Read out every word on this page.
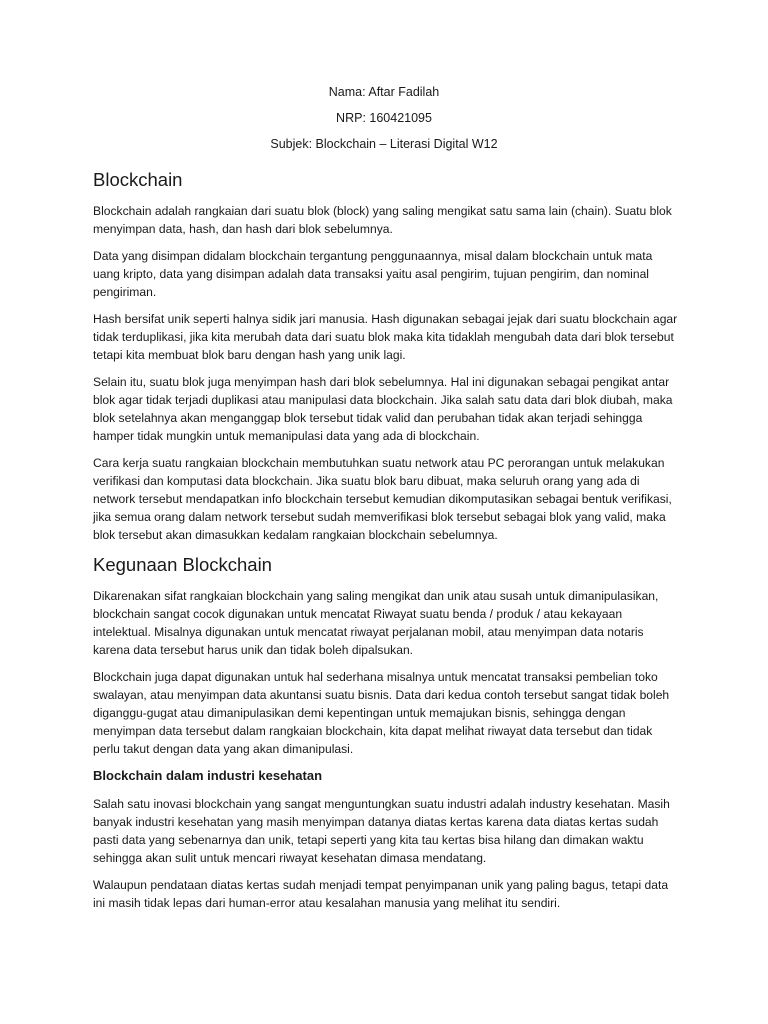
Nama: Aftar Fadilah
NRP: 160421095
Subjek: Blockchain – Literasi Digital W12
Blockchain

Blockchain adalah rangkaian dari suatu blok (block) yang saling mengikat satu sama lain (chain). Suatu blok menyimpan data, hash, dan hash dari blok sebelumnya.

Data yang disimpan didalam blockchain tergantung penggunaannya, misal dalam blockchain untuk mata uang kripto, data yang disimpan adalah data transaksi yaitu asal pengirim, tujuan pengirim, dan nominal pengiriman.

Hash bersifat unik seperti halnya sidik jari manusia. Hash digunakan sebagai jejak dari suatu blockchain agar tidak terduplikasi, jika kita merubah data dari suatu blok maka kita tidaklah mengubah data dari blok tersebut tetapi kita membuat blok baru dengan hash yang unik lagi.

Selain itu, suatu blok juga menyimpan hash dari blok sebelumnya. Hal ini digunakan sebagai pengikat antar blok agar tidak terjadi duplikasi atau manipulasi data blockchain. Jika salah satu data dari blok diubah, maka blok setelahnya akan menganggap blok tersebut tidak valid dan perubahan tidak akan terjadi sehingga hamper tidak mungkin untuk memanipulasi data yang ada di blockchain.

Cara kerja suatu rangkaian blockchain membutuhkan suatu network atau PC perorangan untuk melakukan verifikasi dan komputasi data blockchain. Jika suatu blok baru dibuat, maka seluruh orang yang ada di network tersebut mendapatkan info blockchain tersebut kemudian dikomputasikan sebagai bentuk verifikasi, jika semua orang dalam network tersebut sudah memverifikasi blok tersebut sebagai blok yang valid, maka blok tersebut akan dimasukkan kedalam rangkaian blockchain sebelumnya.

Kegunaan Blockchain

Dikarenakan sifat rangkaian blockchain yang saling mengikat dan unik atau susah untuk dimanipulasikan, blockchain sangat cocok digunakan untuk mencatat Riwayat suatu benda / produk / atau kekayaan intelektual. Misalnya digunakan untuk mencatat riwayat perjalanan mobil, atau menyimpan data notaris karena data tersebut harus unik dan tidak boleh dipalsukan.

Blockchain juga dapat digunakan untuk hal sederhana misalnya untuk mencatat transaksi pembelian toko swalayan, atau menyimpan data akuntansi suatu bisnis. Data dari kedua contoh tersebut sangat tidak boleh diganggu-gugat atau dimanipulasikan demi kepentingan untuk memajukan bisnis, sehingga dengan menyimpan data tersebut dalam rangkaian blockchain, kita dapat melihat riwayat data tersebut dan tidak perlu takut dengan data yang akan dimanipulasi.

Blockchain dalam industri kesehatan

Salah satu inovasi blockchain yang sangat menguntungkan suatu industri adalah industry kesehatan. Masih banyak industri kesehatan yang masih menyimpan datanya diatas kertas karena data diatas kertas sudah pasti data yang sebenarnya dan unik, tetapi seperti yang kita tau kertas bisa hilang dan dimakan waktu sehingga akan sulit untuk mencari riwayat kesehatan dimasa mendatang.

Walaupun pendataan diatas kertas sudah menjadi tempat penyimpanan unik yang paling bagus, tetapi data ini masih tidak lepas dari human-error atau kesalahan manusia yang melihat itu sendiri.
